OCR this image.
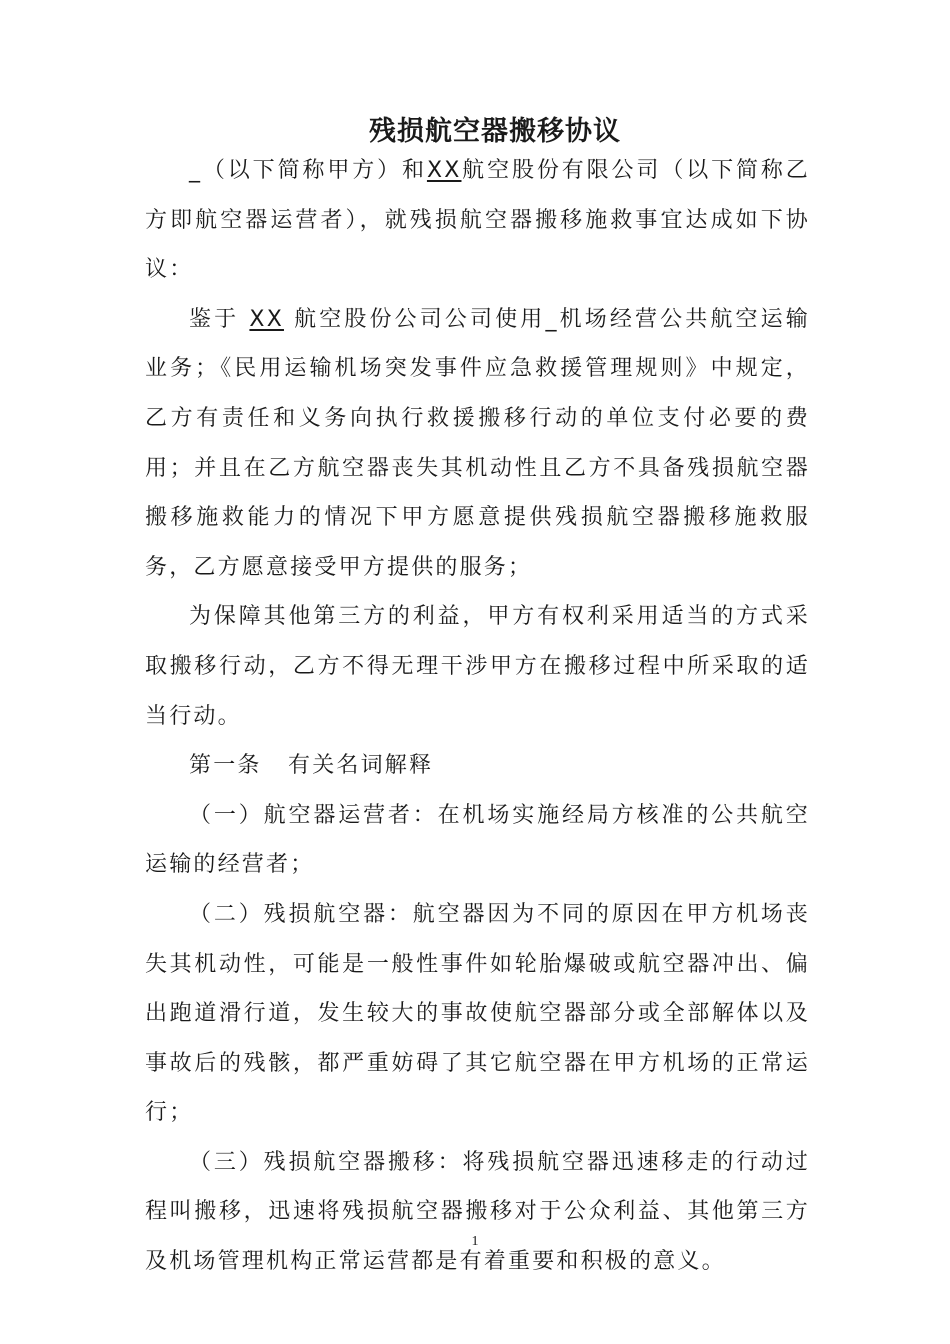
残损航空器搬移协议

_（以下简称甲方）和XX航空股份有限公司（以下简称乙方即航空器运营者），就残损航空器搬移施救事宜达成如下协议：

鉴于 XX 航空股份公司公司使用_机场经营公共航空运输业务；《民用运输机场突发事件应急救援管理规则》中规定，乙方有责任和义务向执行救援搬移行动的单位支付必要的费用；并且在乙方航空器丧失其机动性且乙方不具备残损航空器搬移施救能力的情况下甲方愿意提供残损航空器搬移施救服务，乙方愿意接受甲方提供的服务；

为保障其他第三方的利益，甲方有权利采用适当的方式采取搬移行动，乙方不得无理干涉甲方在搬移过程中所采取的适当行动。

第一条 有关名词解释

（一）航空器运营者：在机场实施经局方核准的公共航空运输的经营者；

（二）残损航空器：航空器因为不同的原因在甲方机场丧失其机动性，可能是一般性事件如轮胎爆破或航空器冲出、偏出跑道滑行道，发生较大的事故使航空器部分或全部解体以及事故后的残骸，都严重妨碍了其它航空器在甲方机场的正常运行；

（三）残损航空器搬移：将残损航空器迅速移走的行动过程叫搬移，迅速将残损航空器搬移对于公众利益、其他第三方及机场管理机构正常运营都是有着重要和积极的意义。

1
